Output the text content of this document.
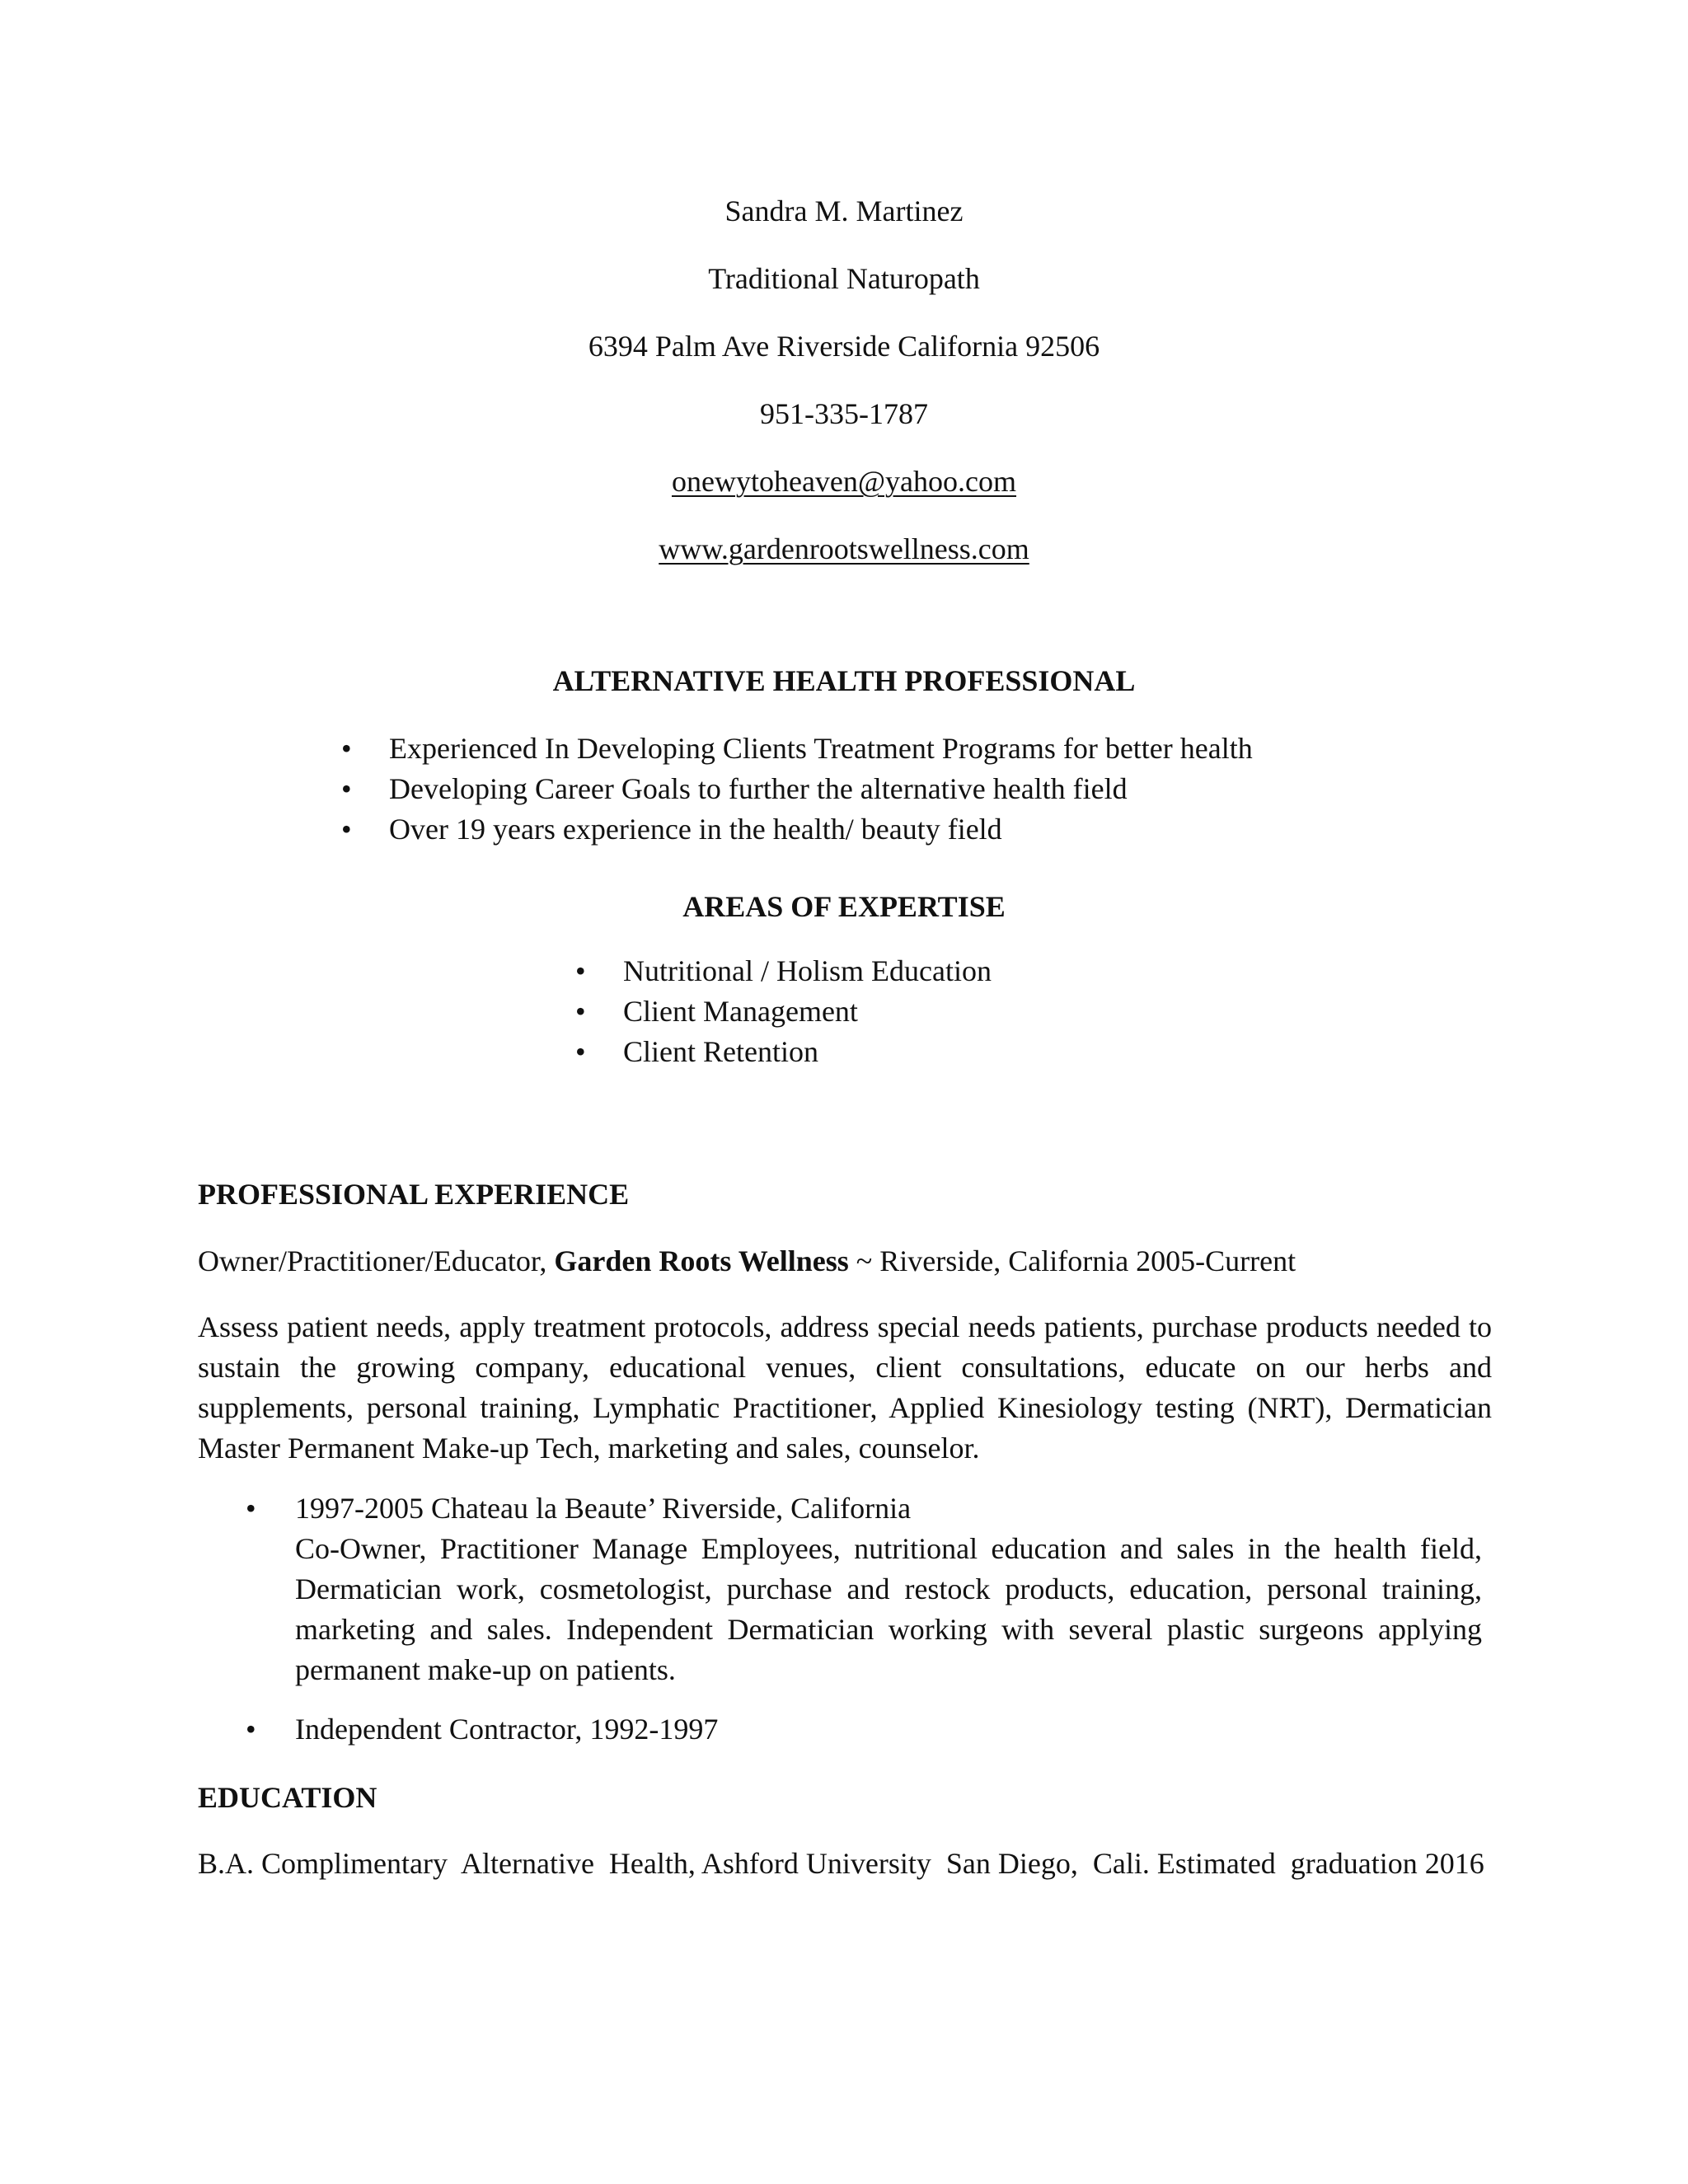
Sandra M. Martinez
Traditional Naturopath
6394 Palm Ave Riverside California 92506
951-335-1787
onewytoheaven@yahoo.com
www.gardenrootswellness.com
ALTERNATIVE HEALTH PROFESSIONAL
• Experienced In Developing Clients Treatment Programs for better health
• Developing Career Goals to further the alternative health field
• Over 19 years experience in the health/ beauty field
AREAS OF EXPERTISE
• Nutritional / Holism Education
• Client Management
• Client Retention
PROFESSIONAL EXPERIENCE
Owner/Practitioner/Educator, Garden Roots Wellness ~ Riverside, California 2005-Current
Assess patient needs, apply treatment protocols, address special needs patients, purchase products needed to sustain the growing company, educational venues, client consultations, educate on our herbs and supplements, personal training, Lymphatic Practitioner, Applied Kinesiology testing (NRT), Dermatician Master Permanent Make-up Tech, marketing and sales, counselor.
• 1997-2005 Chateau la Beaute’ Riverside, California
Co-Owner, Practitioner Manage Employees, nutritional education and sales in the health field, Dermatician work, cosmetologist, purchase and restock products, education, personal training, marketing and sales. Independent Dermatician working with several plastic surgeons applying permanent make-up on patients.
• Independent Contractor, 1992-1997
EDUCATION
B.A. Complimentary  Alternative  Health, Ashford University  San Diego,  Cali. Estimated  graduation 2016
